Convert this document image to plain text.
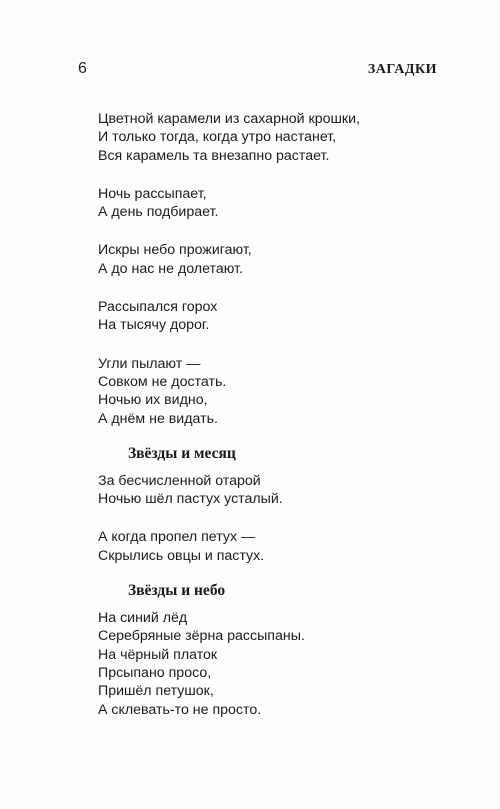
6	ЗАГАДКИ
Цветной карамели из сахарной крошки,
И только тогда, когда утро настанет,
Вся карамель та внезапно растает.
Ночь рассыпает,
А день подбирает.
Искры небо прожигают,
А до нас не долетают.
Рассыпался горох
На тысячу дорог.
Угли пылают —
Совком не достать.
Ночью их видно,
А днём не видать.
Звёзды и месяц
За бесчисленной отарой
Ночью шёл пастух усталый.
А когда пропел петух —
Скрылись овцы и пастух.
Звёзды и небо
На синий лёд
Серебряные зёрна рассыпаны.
На чёрный платок
Прсыпано просо,
Пришёл петушок,
А склевать-то не просто.
